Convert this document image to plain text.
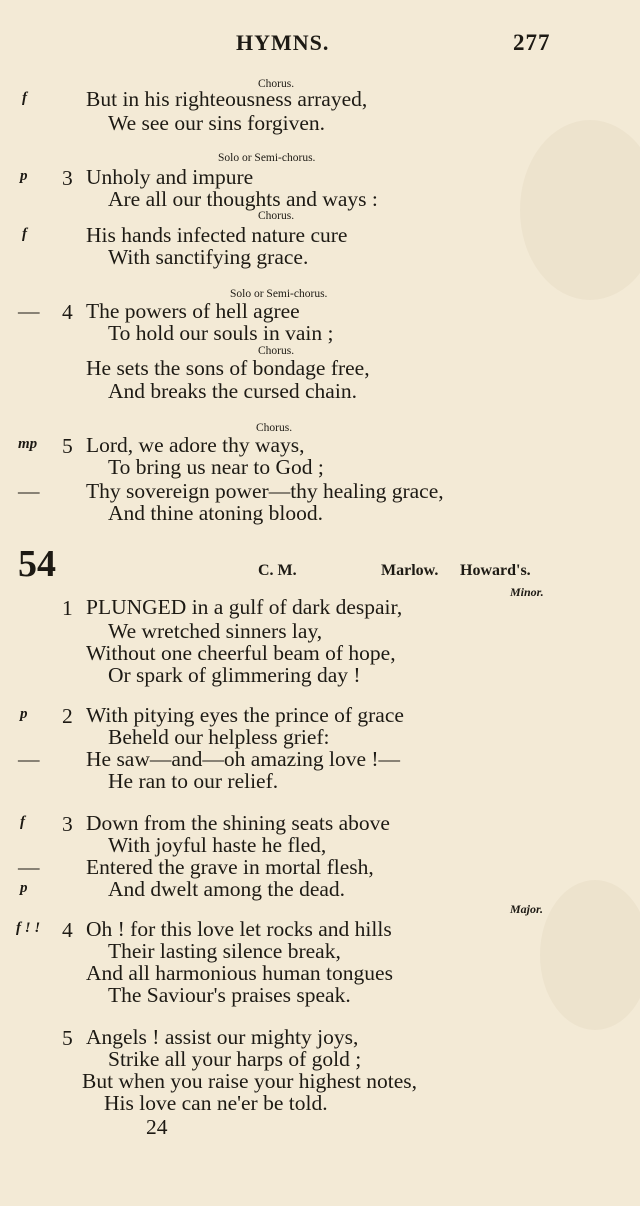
HYMNS.	277
Chorus.
f	But in his righteousness arrayed,
We see our sins forgiven.
Solo or Semi-chorus.
p 3 Unholy and impure
Are all our thoughts and ways :
Chorus.
f	His hands infected nature cure
With sanctifying grace.
Solo or Semi-chorus.
— 4 The powers of hell agree
To hold our souls in vain ;
Chorus.
He sets the sons of bondage free,
And breaks the cursed chain.
Chorus.
mp 5 Lord, we adore thy ways,
To bring us near to God ;
— Thy sovereign power—thy healing grace,
And thine atoning blood.
54	C. M.	Marlow. Howard's.
Minor.
1 PLUNGED in a gulf of dark despair,
We wretched sinners lay,
Without one cheerful beam of hope,
Or spark of glimmering day !
p 2 With pitying eyes the prince of grace
Beheld our helpless grief:
— He saw—and—oh amazing love !—
He ran to our relief.
f 3 Down from the shining seats above
With joyful haste he fled,
— Entered the grave in mortal flesh,
p	And dwelt among the dead.
Major.
f ! ! 4 Oh ! for this love let rocks and hills
Their lasting silence break,
And all harmonious human tongues
The Saviour's praises speak.
5 Angels ! assist our mighty joys,
Strike all your harps of gold ;
But when you raise your highest notes,
His love can ne'er be told.
24
